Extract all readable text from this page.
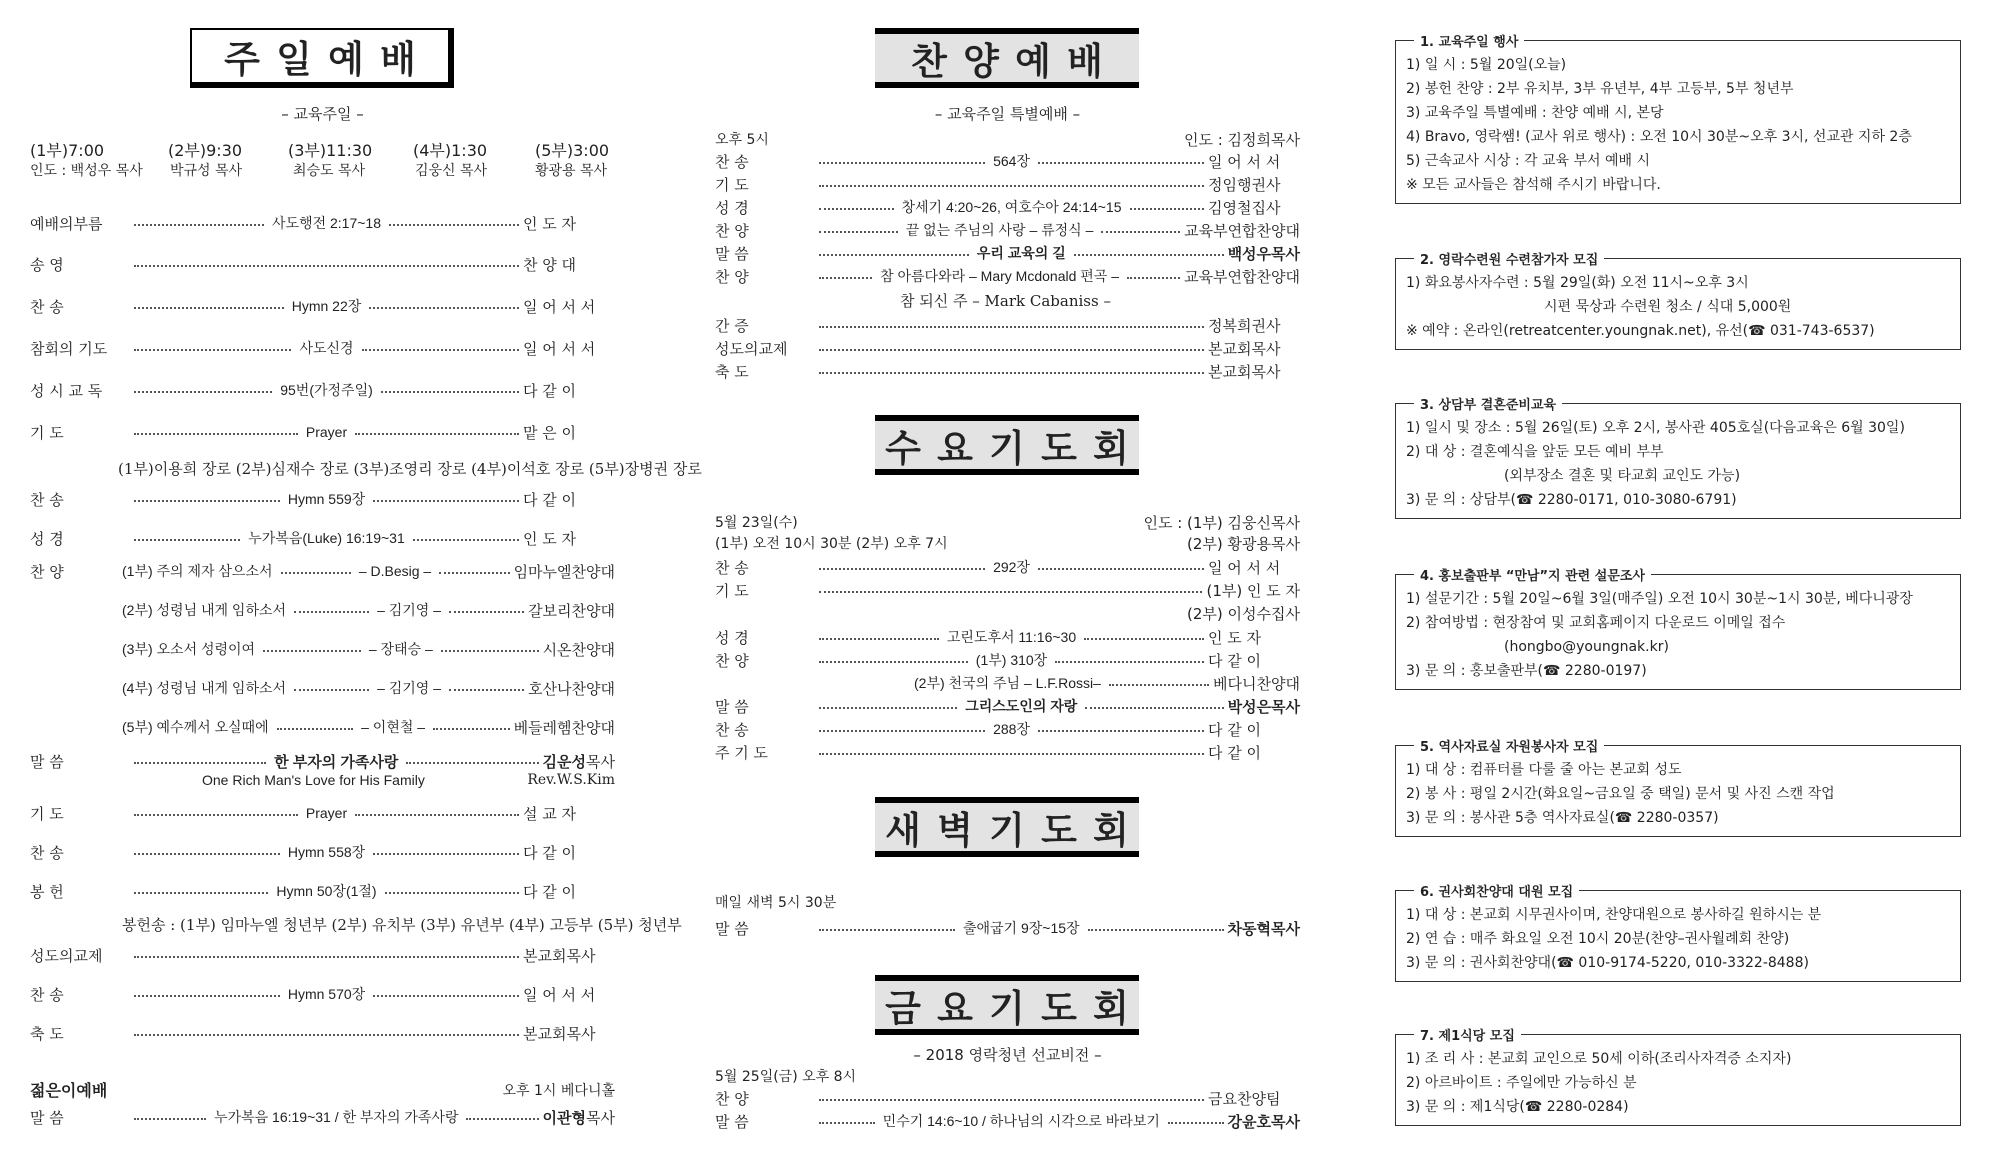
주 일 예 배
– 교육주일 –
(1부)7:00	(2부)9:30	(3부)11:30	(4부)1:30	(5부)3:00
인도 : 백성우 목사 박규성 목사	최승도 목사	김웅신 목사	황광용 목사
예배의부름	사도행전 2:17~18	인 도 자
송 영	찬 양 대
찬 송	Hymn 22장	일 어 서 서
참회의 기도	사도신경	일 어 서 서
성 시 교 독	95번(가정주일)	다 같 이
기 도	Prayer	맡 은 이
(1부)이용희 장로 (2부)심재수 장로 (3부)조영리 장로 (4부)이석호 장로 (5부)장병권 장로
찬 송	Hymn 559장	다 같 이
성 경	누가복음(Luke) 16:19~31	인 도 자
찬 양	(1부) 주의 제자 삼으소서	– D.Besig –	임마누엘찬양대
(2부) 성령님 내게 임하소서	– 김기영 –	갈보리찬양대
(3부) 오소서 성령이여	– 장태승 –	시온찬양대
(4부) 성령님 내게 임하소서	– 김기영 –	호산나찬양대
(5부) 예수께서 오실때에	– 이현철 –	베들레헴찬양대
말 씀	한 부자의 가족사랑	김운성 목사
One Rich Man's Love for His Family	Rev.W.S.Kim
기 도	Prayer	설 교 자
찬 송	Hymn 558장	다 같 이
봉 헌	Hymn 50장(1절)	다 같 이
봉헌송 : (1부) 임마누엘 청년부 (2부) 유치부 (3부) 유년부 (4부) 고등부 (5부) 청년부
성도의교제	본교회목사
찬 송	Hymn 570장	일 어 서 서
축 도	본교회목사
젊은이예배	오후 1시 베다니홀
말 씀	누가복음 16:19~31 / 한 부자의 가족사랑	이관형 목사
찬 양 예 배
– 교육주일 특별예배 –
오후 5시	인도 : 김정희목사
찬 송	564장	일 어 서 서
기 도	정임행권사
성 경	창세기 4:20~26, 여호수아 24:14~15	김영철집사
찬 양	끝 없는 주님의 사랑 – 류정식 –	교육부연합찬양대
말 씀	우리 교육의 길	백성우목사
찬 양	참 아름다와라 – Mary Mcdonald 편곡 –	교육부연합찬양대
참 되신 주 – Mark Cabaniss –
간 증	정복희권사
성도의교제	본교회목사
축 도	본교회목사
수 요 기 도 회
5월 23일(수)
(1부) 오전 10시 30분 (2부) 오후 7시
인도 : (1부) 김웅신목사
(2부) 황광용목사
찬 송	292장	일 어 서 서
기 도	(1부) 인 도 자
(2부) 이성수집사
성 경	고린도후서 11:16~30	인 도 자
찬 양	(1부) 310장	다 같 이
(2부) 천국의 주님 – L.F.Rossi–	베다니찬양대
말 씀	그리스도인의 자랑	박성은목사
찬 송	288장	다 같 이
주 기 도	다 같 이
새 벽 기 도 회
매일 새벽 5시 30분
말 씀	출애굽기 9장~15장	차동혁목사
금 요 기 도 회
– 2018 영락청년 선교비전 –
5월 25일(금) 오후 8시
찬 양	금요찬양팀
말 씀	민수기 14:6~10 / 하나님의 시각으로 바라보기	강윤호목사
1. 교육주일 행사
1) 일 시 : 5월 20일(오늘)
2) 봉헌 찬양 : 2부 유치부, 3부 유년부, 4부 고등부, 5부 청년부
3) 교육주일 특별예배 : 찬양 예배 시, 본당
4) Bravo, 영락쌤! (교사 위로 행사) : 오전 10시 30분~오후 3시, 선교관 지하 2층
5) 근속교사 시상 : 각 교육 부서 예배 시
※ 모든 교사들은 참석해 주시기 바랍니다.
2. 영락수련원 수련참가자 모집
1) 화요봉사자수련 : 5월 29일(화) 오전 11시~오후 3시
시편 묵상과 수련원 청소 / 식대 5,000원
※ 예약 : 온라인(retreatcenter.youngnak.net), 유선(☎ 031-743-6537)
3. 상담부 결혼준비교육
1) 일시 및 장소 : 5월 26일(토) 오후 2시, 봉사관 405호실(다음교육은 6월 30일)
2) 대 상 : 결혼예식을 앞둔 모든 예비 부부
(외부장소 결혼 및 타교회 교인도 가능)
3) 문 의 : 상담부(☎ 2280-0171, 010-3080-6791)
4. 홍보출판부 “만남”지 관련 설문조사
1) 설문기간 : 5월 20일~6월 3일(매주일) 오전 10시 30분~1시 30분, 베다니광장
2) 참여방법 : 현장참여 및 교회홈페이지 다운로드 이메일 접수
(hongbo@youngnak.kr)
3) 문 의 : 홍보출판부(☎ 2280-0197)
5. 역사자료실 자원봉사자 모집
1) 대 상 : 컴퓨터를 다룰 줄 아는 본교회 성도
2) 봉 사 : 평일 2시간(화요일~금요일 중 택일) 문서 및 사진 스캔 작업
3) 문 의 : 봉사관 5층 역사자료실(☎ 2280-0357)
6. 권사회찬양대 대원 모집
1) 대 상 : 본교회 시무권사이며, 찬양대원으로 봉사하길 원하시는 분
2) 연 습 : 매주 화요일 오전 10시 20분(찬양–권사월례회 찬양)
3) 문 의 : 권사회찬양대(☎ 010-9174-5220, 010-3322-8488)
7. 제1식당 모집
1) 조 리 사 : 본교회 교인으로 50세 이하(조리사자격증 소지자)
2) 아르바이트 : 주일에만 가능하신 분
3) 문 의 : 제1식당(☎ 2280-0284)
